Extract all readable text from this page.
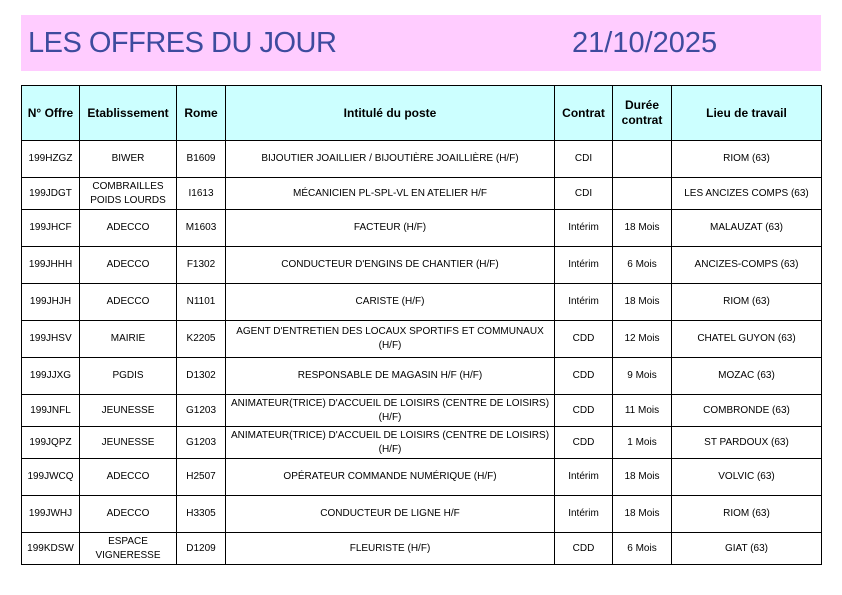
LES OFFRES DU JOUR	21/10/2025
N° Offre	Etablissement	Rome	Intitulé du poste	Contrat	Durée contrat	Lieu de travail
199HZGZ	BIWER	B1609	BIJOUTIER JOAILLIER / BIJOUTIÈRE JOAILLIÈRE (H/F)	CDI		RIOM (63)
199JDGT	COMBRAILLES POIDS LOURDS	I1613	MÉCANICIEN PL-SPL-VL EN ATELIER H/F	CDI		LES ANCIZES COMPS (63)
199JHCF	ADECCO	M1603	FACTEUR (H/F)	Intérim	18 Mois	MALAUZAT (63)
199JHHH	ADECCO	F1302	CONDUCTEUR D'ENGINS DE CHANTIER (H/F)	Intérim	6 Mois	ANCIZES-COMPS (63)
199JHJH	ADECCO	N1101	CARISTE (H/F)	Intérim	18 Mois	RIOM (63)
199JHSV	MAIRIE	K2205	AGENT D'ENTRETIEN DES LOCAUX SPORTIFS ET COMMUNAUX (H/F)	CDD	12 Mois	CHATEL GUYON (63)
199JJXG	PGDIS	D1302	RESPONSABLE DE MAGASIN H/F (H/F)	CDD	9 Mois	MOZAC (63)
199JNFL	JEUNESSE	G1203	ANIMATEUR(TRICE) D'ACCUEIL DE LOISIRS (CENTRE DE LOISIRS) (H/F)	CDD	11 Mois	COMBRONDE (63)
199JQPZ	JEUNESSE	G1203	ANIMATEUR(TRICE) D'ACCUEIL DE LOISIRS (CENTRE DE LOISIRS) (H/F)	CDD	1 Mois	ST PARDOUX (63)
199JWCQ	ADECCO	H2507	OPÉRATEUR COMMANDE NUMÉRIQUE (H/F)	Intérim	18 Mois	VOLVIC (63)
199JWHJ	ADECCO	H3305	CONDUCTEUR DE LIGNE H/F	Intérim	18 Mois	RIOM (63)
199KDSW	ESPACE VIGNERESSE	D1209	FLEURISTE (H/F)	CDD	6 Mois	GIAT (63)
